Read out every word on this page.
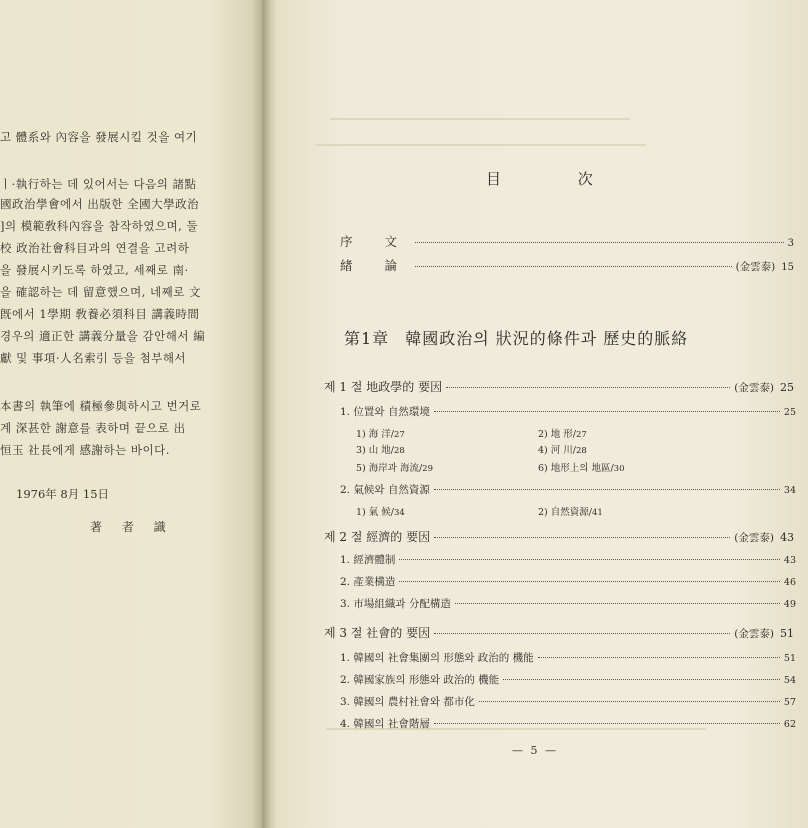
고 體系와 內容을 發展시킬 것을 여기
ㅣ·執行하는 데 있어서는 다음의 諸點
國政治學會에서 出版한 全國大學政治
]의 模範敎科內容을 참작하였으며, 둘
校 政治社會科目과의 연결을 고려하
을 發展시키도록 하였고, 세째로 南·
을 確認하는 데 留意했으며, 네째로 文
旣에서 1學期 敎養必須科目 講義時間
경우의 適正한 講義分量을 감안해서 編
獻 및 事項·人名索引 등을 첨부해서
本書의 執筆에 積極參與하시고 번거로
계 深甚한 謝意를 表하며 끝으로 出
恒玉 社長에게 感謝하는 바이다.
1976年 8月 15日
著 者 識
目 次
序 文	3
緖 論	(金雲泰) 15
第1章 韓國政治의 狀況的條件과 歷史的脈絡
제 1 절 地政學的 要因	(金雲泰) 25
1. 位置와 自然環境	25
1) 海 洋/27	2) 地 形/27
3) 山 地/28	4) 河 川/28
5) 海岸과 海流/29	6) 地形上의 地區/30
2. 氣候와 自然資源	34
1) 氣 候/34	2) 自然資源/41
제 2 절 經濟的 要因	(金雲泰) 43
1. 經濟體制	43
2. 產業構造	46
3. 市場組織과 分配構造	49
제 3 절 社會的 要因	(金雲泰) 51
1. 韓國의 社會集團의 形態와 政治的 機能	51
2. 韓國家族의 形態와 政治的 機能	54
3. 韓國의 農村社會와 都市化	57
4. 韓國의 社會階層	62
— 5 —
